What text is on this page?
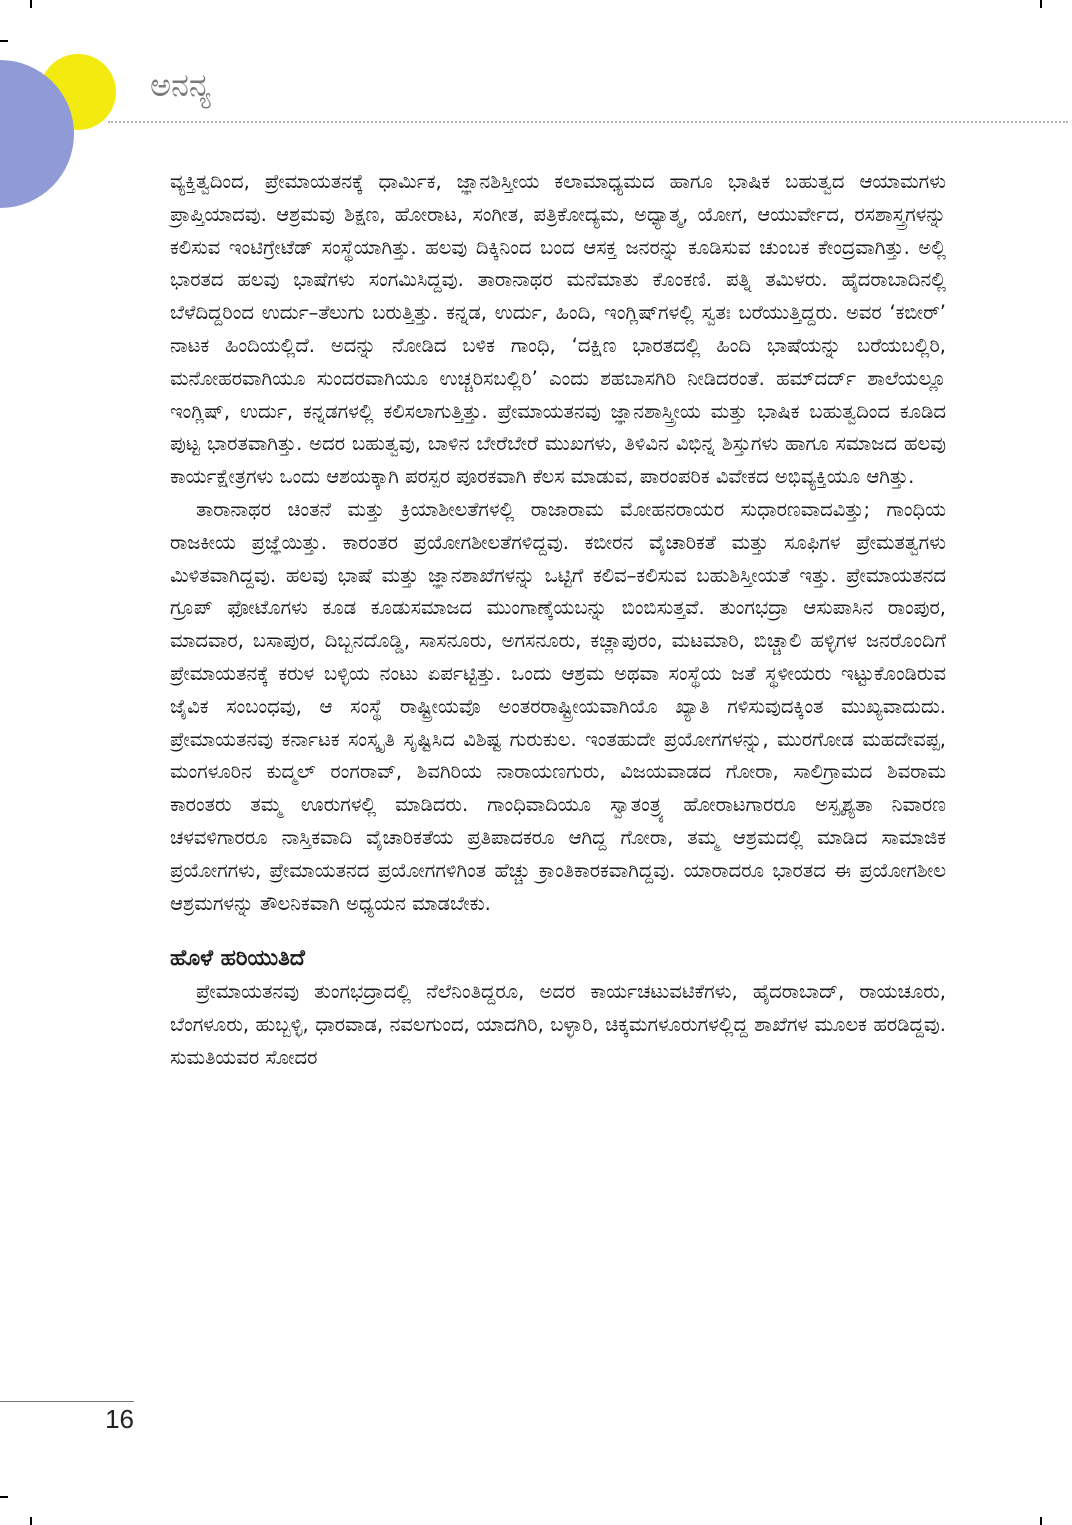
ಅನನ್ಯ

ವ್ಯಕ್ತಿತ್ವದಿಂದ, ಪ್ರೇಮಾಯತನಕ್ಕೆ ಧಾರ್ಮಿಕ, ಜ್ಞಾನಶಿಸ್ತೀಯ ಕಲಾಮಾಧ್ಯಮದ ಹಾಗೂ ಭಾಷಿಕ ಬಹುತ್ವದ ಆಯಾಮಗಳು ಪ್ರಾಪ್ತಿಯಾದವು. ಆಶ್ರಮವು ಶಿಕ್ಷಣ, ಹೋರಾಟ, ಸಂಗೀತ, ಪತ್ರಿಕೋದ್ಯಮ, ಅಧ್ಯಾತ್ಮ, ಯೋಗ, ಆಯುರ್ವೇದ, ರಸಶಾಸ್ತ್ರಗಳನ್ನು ಕಲಿಸುವ ಇಂಟಿಗ್ರೇಟೆಡ್ ಸಂಸ್ಥೆಯಾಗಿತ್ತು. ಹಲವು ದಿಕ್ಕಿನಿಂದ ಬಂದ ಆಸಕ್ತ ಜನರನ್ನು ಕೂಡಿಸುವ ಚುಂಬಕ ಕೇಂದ್ರವಾಗಿತ್ತು. ಅಲ್ಲಿ ಭಾರತದ ಹಲವು ಭಾಷೆಗಳು ಸಂಗಮಿಸಿದ್ದವು. ತಾರಾನಾಥರ ಮನೆಮಾತು ಕೊಂಕಣಿ. ಪತ್ನಿ ತಮಿಳರು. ಹೈದರಾಬಾದಿನಲ್ಲಿ ಬೆಳೆದಿದ್ದರಿಂದ ಉರ್ದು–ತೆಲುಗು ಬರುತ್ತಿತ್ತು. ಕನ್ನಡ, ಉರ್ದು, ಹಿಂದಿ, ಇಂಗ್ಲಿಷ್‌ಗಳಲ್ಲಿ ಸ್ವತಃ ಬರೆಯುತ್ತಿದ್ದರು. ಅವರ ‘ಕಬೀರ್’ ನಾಟಕ ಹಿಂದಿಯಲ್ಲಿದೆ. ಅದನ್ನು ನೋಡಿದ ಬಳಿಕ ಗಾಂಧಿ, ‘ದಕ್ಷಿಣ ಭಾರತದಲ್ಲಿ ಹಿಂದಿ ಭಾಷೆಯನ್ನು ಬರೆಯಬಲ್ಲಿರಿ, ಮನೋಹರವಾಗಿಯೂ ಸುಂದರವಾಗಿಯೂ ಉಚ್ಚರಿಸಬಲ್ಲಿರಿ’ ಎಂದು ಶಹಬಾಸಗಿರಿ ನೀಡಿದರಂತೆ. ಹಮ್‌ದರ್ದ್ ಶಾಲೆಯಲ್ಲೂ ಇಂಗ್ಲಿಷ್, ಉರ್ದು, ಕನ್ನಡಗಳಲ್ಲಿ ಕಲಿಸಲಾಗುತ್ತಿತ್ತು. ಪ್ರೇಮಾಯತನವು ಜ್ಞಾನಶಾಸ್ತ್ರೀಯ ಮತ್ತು ಭಾಷಿಕ ಬಹುತ್ವದಿಂದ ಕೂಡಿದ ಪುಟ್ಟ ಭಾರತವಾಗಿತ್ತು. ಅದರ ಬಹುತ್ವವು, ಬಾಳಿನ ಬೇರೆಬೇರೆ ಮುಖಗಳು, ತಿಳಿವಿನ ವಿಭಿನ್ನ ಶಿಸ್ತುಗಳು ಹಾಗೂ ಸಮಾಜದ ಹಲವು ಕಾರ್ಯಕ್ಷೇತ್ರಗಳು ಒಂದು ಆಶಯಕ್ಕಾಗಿ ಪರಸ್ಪರ ಪೂರಕವಾಗಿ ಕೆಲಸ ಮಾಡುವ, ಪಾರಂಪರಿಕ ವಿವೇಕದ ಅಭಿವ್ಯಕ್ತಿಯೂ ಆಗಿತ್ತು.

ತಾರಾನಾಥರ ಚಿಂತನೆ ಮತ್ತು ಕ್ರಿಯಾಶೀಲತೆಗಳಲ್ಲಿ ರಾಜಾರಾಮ ಮೋಹನರಾಯರ ಸುಧಾರಣವಾದವಿತ್ತು; ಗಾಂಧಿಯ ರಾಜಕೀಯ ಪ್ರಜ್ಞೆಯಿತ್ತು. ಕಾರಂತರ ಪ್ರಯೋಗಶೀಲತೆಗಳಿದ್ದವು. ಕಬೀರನ ವೈಚಾರಿಕತೆ ಮತ್ತು ಸೂಫಿಗಳ ಪ್ರೇಮತತ್ವಗಳು ಮಿಳಿತವಾಗಿದ್ದವು. ಹಲವು ಭಾಷೆ ಮತ್ತು ಜ್ಞಾನಶಾಖೆಗಳನ್ನು ಒಟ್ಟಿಗೆ ಕಲಿವ–ಕಲಿಸುವ ಬಹುಶಿಸ್ತೀಯತೆ ಇತ್ತು. ಪ್ರೇಮಾಯತನದ ಗ್ರೂಪ್ ಫೋಟೊಗಳು ಕೂಡ ಕೂಡುಸಮಾಜದ ಮುಂಗಾಣ್ಕೆಯಬನ್ನು ಬಿಂಬಿಸುತ್ತವೆ. ತುಂಗಭದ್ರಾ ಆಸುಪಾಸಿನ ರಾಂಪುರ, ಮಾದವಾರ, ಬಸಾಪುರ, ದಿಬ್ಬನದೊಡ್ಡಿ, ಸಾಸನೂರು, ಅಗಸನೂರು, ಕಚ್ಲಾಪುರಂ, ಮಟಮಾರಿ, ಬಿಚ್ಚಾಲಿ ಹಳ್ಳಿಗಳ ಜನರೊಂದಿಗೆ ಪ್ರೇಮಾಯತನಕ್ಕೆ ಕರುಳ ಬಳ್ಳಿಯ ನಂಟು ಏರ್ಪಟ್ಟಿತ್ತು. ಒಂದು ಆಶ್ರಮ ಅಥವಾ ಸಂಸ್ಥೆಯ ಜತೆ ಸ್ಥಳೀಯರು ಇಟ್ಟುಕೊಂಡಿರುವ ಜೈವಿಕ ಸಂಬಂಧವು, ಆ ಸಂಸ್ಥೆ ರಾಷ್ಟ್ರೀಯವೊ ಅಂತರರಾಷ್ಟ್ರೀಯವಾಗಿಯೊ ಖ್ಯಾತಿ ಗಳಿಸುವುದಕ್ಕಿಂತ ಮುಖ್ಯವಾದುದು. ಪ್ರೇಮಾಯತನವು ಕರ್ನಾಟಕ ಸಂಸ್ಕೃತಿ ಸೃಷ್ಟಿಸಿದ ವಿಶಿಷ್ಟ ಗುರುಕುಲ. ಇಂತಹುದೇ ಪ್ರಯೋಗಗಳನ್ನು, ಮುರಗೋಡ ಮಹದೇವಪ್ಪ, ಮಂಗಳೂರಿನ ಕುದ್ಮಲ್ ರಂಗರಾವ್, ಶಿವಗಿರಿಯ ನಾರಾಯಣಗುರು, ವಿಜಯವಾಡದ ಗೋರಾ, ಸಾಲಿಗ್ರಾಮದ ಶಿವರಾಮ ಕಾರಂತರು ತಮ್ಮ ಊರುಗಳಲ್ಲಿ ಮಾಡಿದರು. ಗಾಂಧಿವಾದಿಯೂ ಸ್ವಾತಂತ್ರ್ಯ ಹೋರಾಟಗಾರರೂ ಅಸ್ಪೃಶ್ಯತಾ ನಿವಾರಣ ಚಳವಳಿಗಾರರೂ ನಾಸ್ತಿಕವಾದಿ ವೈಚಾರಿಕತೆಯ ಪ್ರತಿಪಾದಕರೂ ಆಗಿದ್ದ ಗೋರಾ, ತಮ್ಮ ಆಶ್ರಮದಲ್ಲಿ ಮಾಡಿದ ಸಾಮಾಜಿಕ ಪ್ರಯೋಗಗಳು, ಪ್ರೇಮಾಯತನದ ಪ್ರಯೋಗಗಳಿಗಿಂತ ಹೆಚ್ಚು ಕ್ರಾಂತಿಕಾರಕವಾಗಿದ್ದವು. ಯಾರಾದರೂ ಭಾರತದ ಈ ಪ್ರಯೋಗಶೀಲ ಆಶ್ರಮಗಳನ್ನು ತೌಲನಿಕವಾಗಿ ಅಧ್ಯಯನ ಮಾಡಬೇಕು.

ಹೊಳೆ ಹರಿಯುತಿದೆ

ಪ್ರೇಮಾಯತನವು ತುಂಗಭದ್ರಾದಲ್ಲಿ ನೆಲೆನಿಂತಿದ್ದರೂ, ಅದರ ಕಾರ್ಯಚಟುವಟಿಕೆಗಳು, ಹೈದರಾಬಾದ್, ರಾಯಚೂರು, ಬೆಂಗಳೂರು, ಹುಬ್ಬಳ್ಳಿ, ಧಾರವಾಡ, ನವಲಗುಂದ, ಯಾದಗಿರಿ, ಬಳ್ಳಾರಿ, ಚಿಕ್ಕಮಗಳೂರುಗಳಲ್ಲಿದ್ದ ಶಾಖೆಗಳ ಮೂಲಕ ಹರಡಿದ್ದವು. ಸುಮತಿಯವರ ಸೋದರ

16
